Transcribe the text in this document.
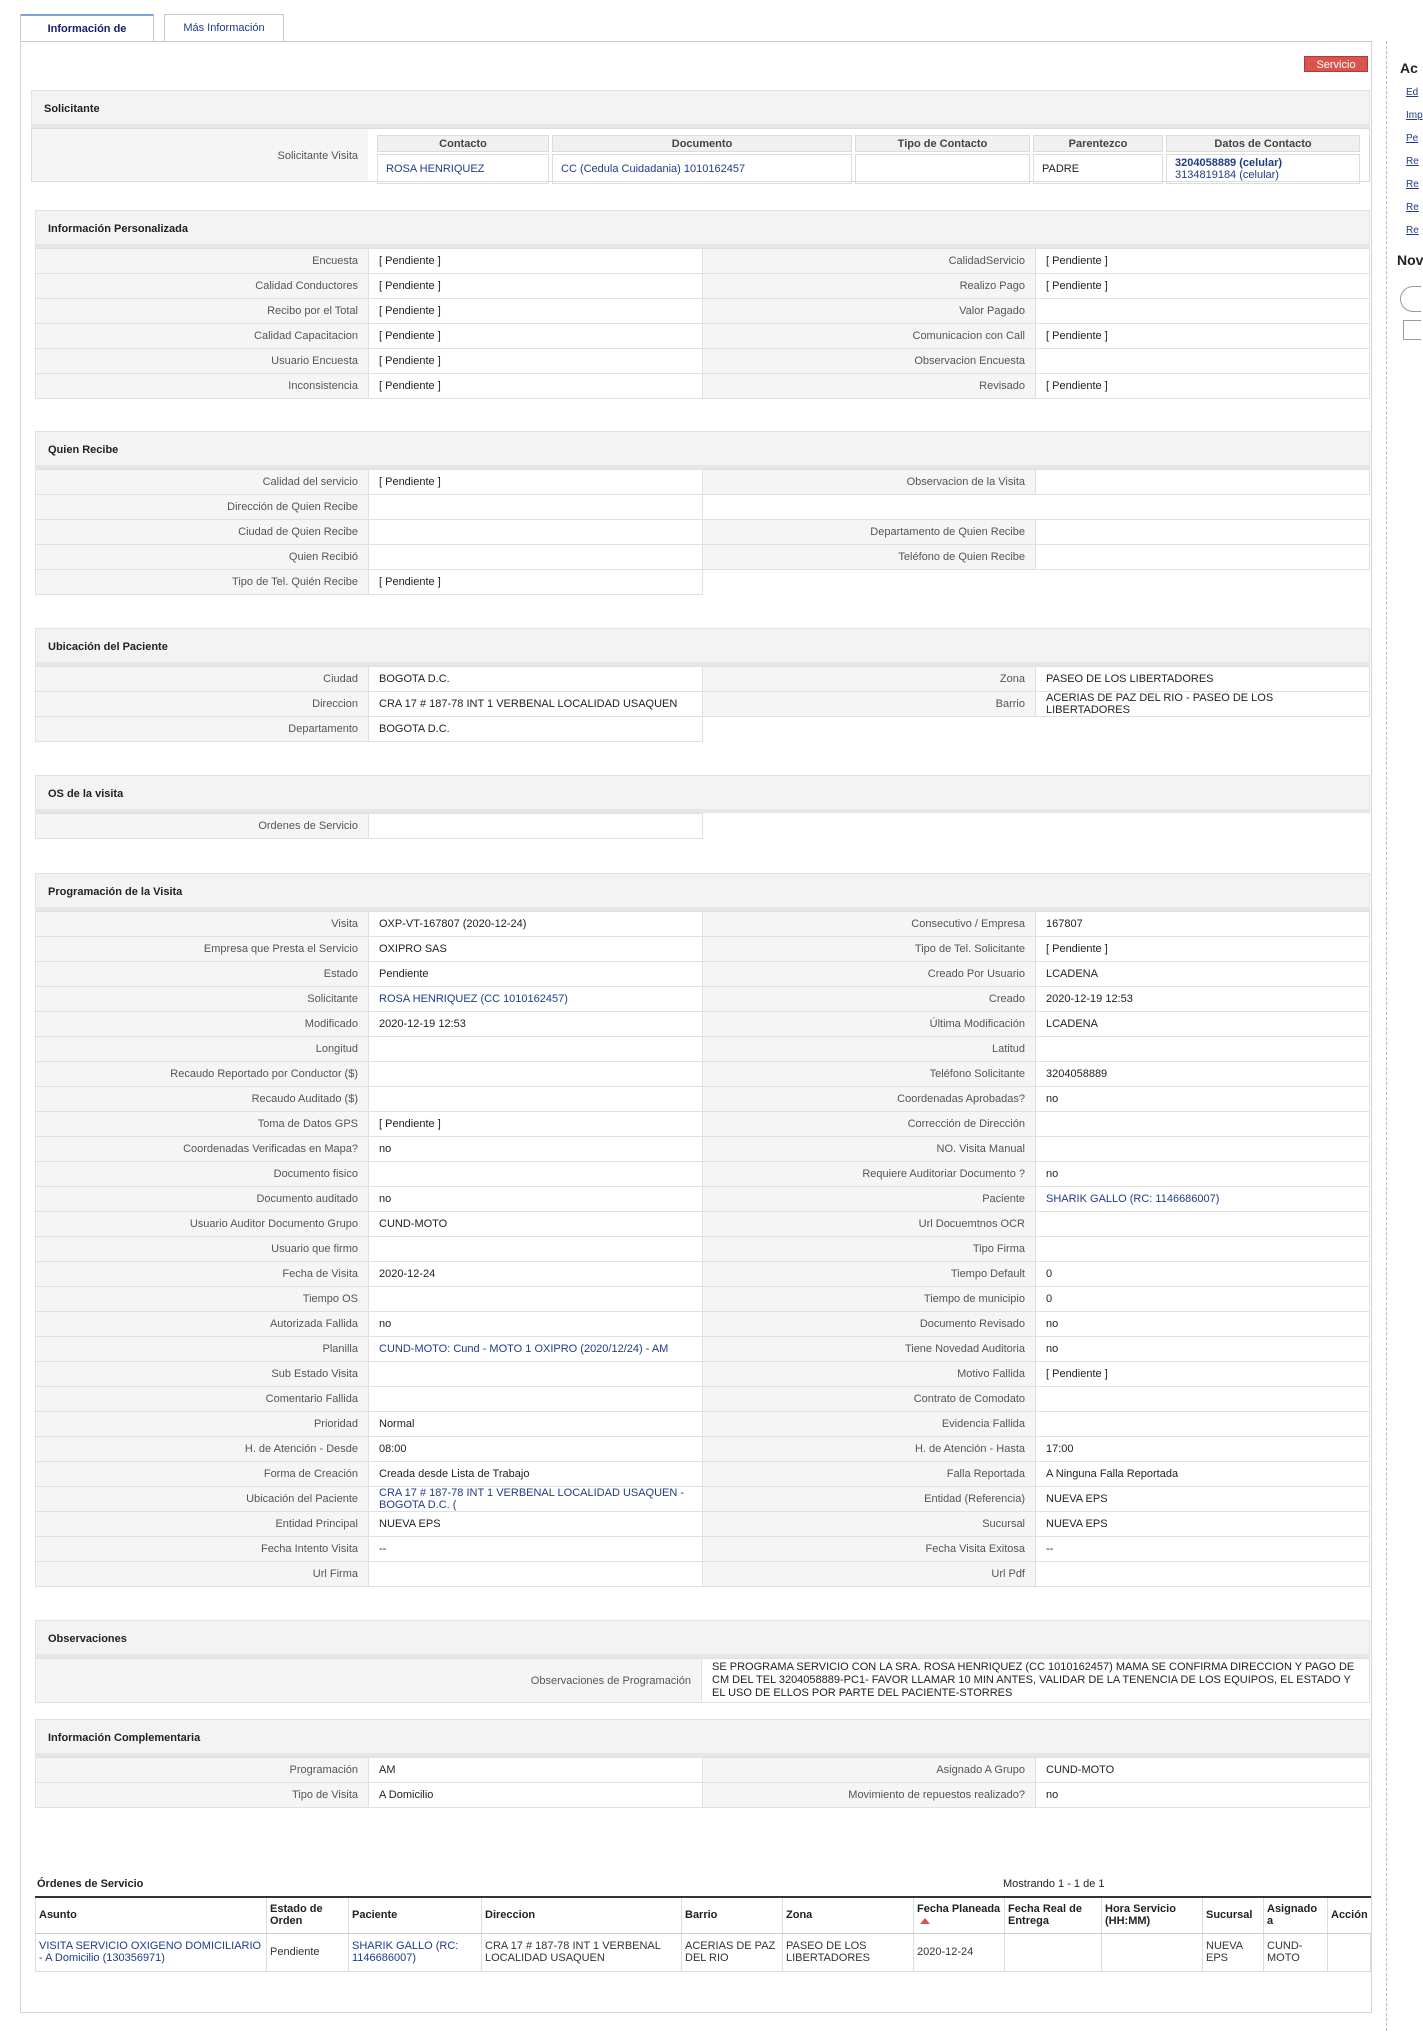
Información de	Más Información
Servicio	Ac
Ed
Imp
Pe
Re
Re
Re
Re
Nov
Solicitante
Solicitante Visita
Contacto	Documento	Tipo de Contacto	Parentezco	Datos de Contacto
ROSA HENRIQUEZ	CC (Cedula Cuidadania) 1010162457		PADRE	3204058889 (celular)
3134819184 (celular)
Información Personalizada
Encuesta	[ Pendiente ]	CalidadServicio	[ Pendiente ]
Calidad Conductores	[ Pendiente ]	Realizo Pago	[ Pendiente ]
Recibo por el Total	[ Pendiente ]	Valor Pagado	
Calidad Capacitacion	[ Pendiente ]	Comunicacion con Call	[ Pendiente ]
Usuario Encuesta	[ Pendiente ]	Observacion Encuesta	
Inconsistencia	[ Pendiente ]	Revisado	[ Pendiente ]
Quien Recibe
Calidad del servicio	[ Pendiente ]	Observacion de la Visita	
Dirección de Quien Recibe			
Ciudad de Quien Recibe		Departamento de Quien Recibe	
Quien Recibió		Teléfono de Quien Recibe	
Tipo de Tel. Quién Recibe	[ Pendiente ]		
Ubicación del Paciente
Ciudad	BOGOTA D.C.	Zona	PASEO DE LOS LIBERTADORES
Direccion	CRA 17 # 187-78 INT 1 VERBENAL LOCALIDAD USAQUEN	Barrio	ACERIAS DE PAZ DEL RIO - PASEO DE LOS LIBERTADORES
Departamento	BOGOTA D.C.		
OS de la visita
Ordenes de Servicio			
Programación de la Visita
Visita	OXP-VT-167807 (2020-12-24)	Consecutivo / Empresa	167807
Empresa que Presta el Servicio	OXIPRO SAS	Tipo de Tel. Solicitante	[ Pendiente ]
Estado	Pendiente	Creado Por Usuario	LCADENA
Solicitante	ROSA HENRIQUEZ (CC 1010162457)	Creado	2020-12-19 12:53
Modificado	2020-12-19 12:53	Última Modificación	LCADENA
Longitud		Latitud	
Recaudo Reportado por Conductor ($)		Teléfono Solicitante	3204058889
Recaudo Auditado ($)		Coordenadas Aprobadas?	no
Toma de Datos GPS	[ Pendiente ]	Corrección de Dirección	
Coordenadas Verificadas en Mapa?	no	NO. Visita Manual	
Documento fisico		Requiere Auditoriar Documento ?	no
Documento auditado	no	Paciente	SHARIK GALLO (RC: 1146686007)
Usuario Auditor Documento Grupo	CUND-MOTO	Url Docuemtnos OCR	
Usuario que firmo		Tipo Firma	
Fecha de Visita	2020-12-24	Tiempo Default	0
Tiempo OS		Tiempo de municipio	0
Autorizada Fallida	no	Documento Revisado	no
Planilla	CUND-MOTO: Cund - MOTO 1 OXIPRO (2020/12/24) - AM	Tiene Novedad Auditoria	no
Sub Estado Visita		Motivo Fallida	[ Pendiente ]
Comentario Fallida		Contrato de Comodato	
Prioridad	Normal	Evidencia Fallida	
H. de Atención - Desde	08:00	H. de Atención - Hasta	17:00
Forma de Creación	Creada desde Lista de Trabajo	Falla Reportada	A Ninguna Falla Reportada
Ubicación del Paciente	CRA 17 # 187-78 INT 1 VERBENAL LOCALIDAD USAQUEN - BOGOTA D.C. (	Entidad (Referencia)	NUEVA EPS
Entidad Principal	NUEVA EPS	Sucursal	NUEVA EPS
Fecha Intento Visita	--	Fecha Visita Exitosa	--
Url Firma		Url Pdf	
Observaciones
Observaciones de Programación	SE PROGRAMA SERVICIO CON LA SRA. ROSA HENRIQUEZ (CC 1010162457) MAMA SE CONFIRMA DIRECCION Y PAGO DE CM DEL TEL 3204058889-PC1- FAVOR LLAMAR 10 MIN ANTES, VALIDAR DE LA TENENCIA DE LOS EQUIPOS, EL ESTADO Y EL USO DE ELLOS POR PARTE DEL PACIENTE-STORRES
Información Complementaria
Programación	AM	Asignado A Grupo	CUND-MOTO
Tipo de Visita	A Domicilio	Movimiento de repuestos realizado?	no
Órdenes de Servicio	Mostrando 1 - 1 de 1
Asunto	Estado de Orden	Paciente	Direccion	Barrio	Zona	Fecha Planeada	Fecha Real de Entrega	Hora Servicio (HH:MM)	Sucursal	Asignado a	Acción
VISITA SERVICIO OXIGENO DOMICILIARIO - A Domicilio (130356971)	Pendiente	SHARIK GALLO (RC: 1146686007)	CRA 17 # 187-78 INT 1 VERBENAL LOCALIDAD USAQUEN	ACERIAS DE PAZ DEL RIO	PASEO DE LOS LIBERTADORES	2020-12-24			NUEVA EPS	CUND-MOTO	
